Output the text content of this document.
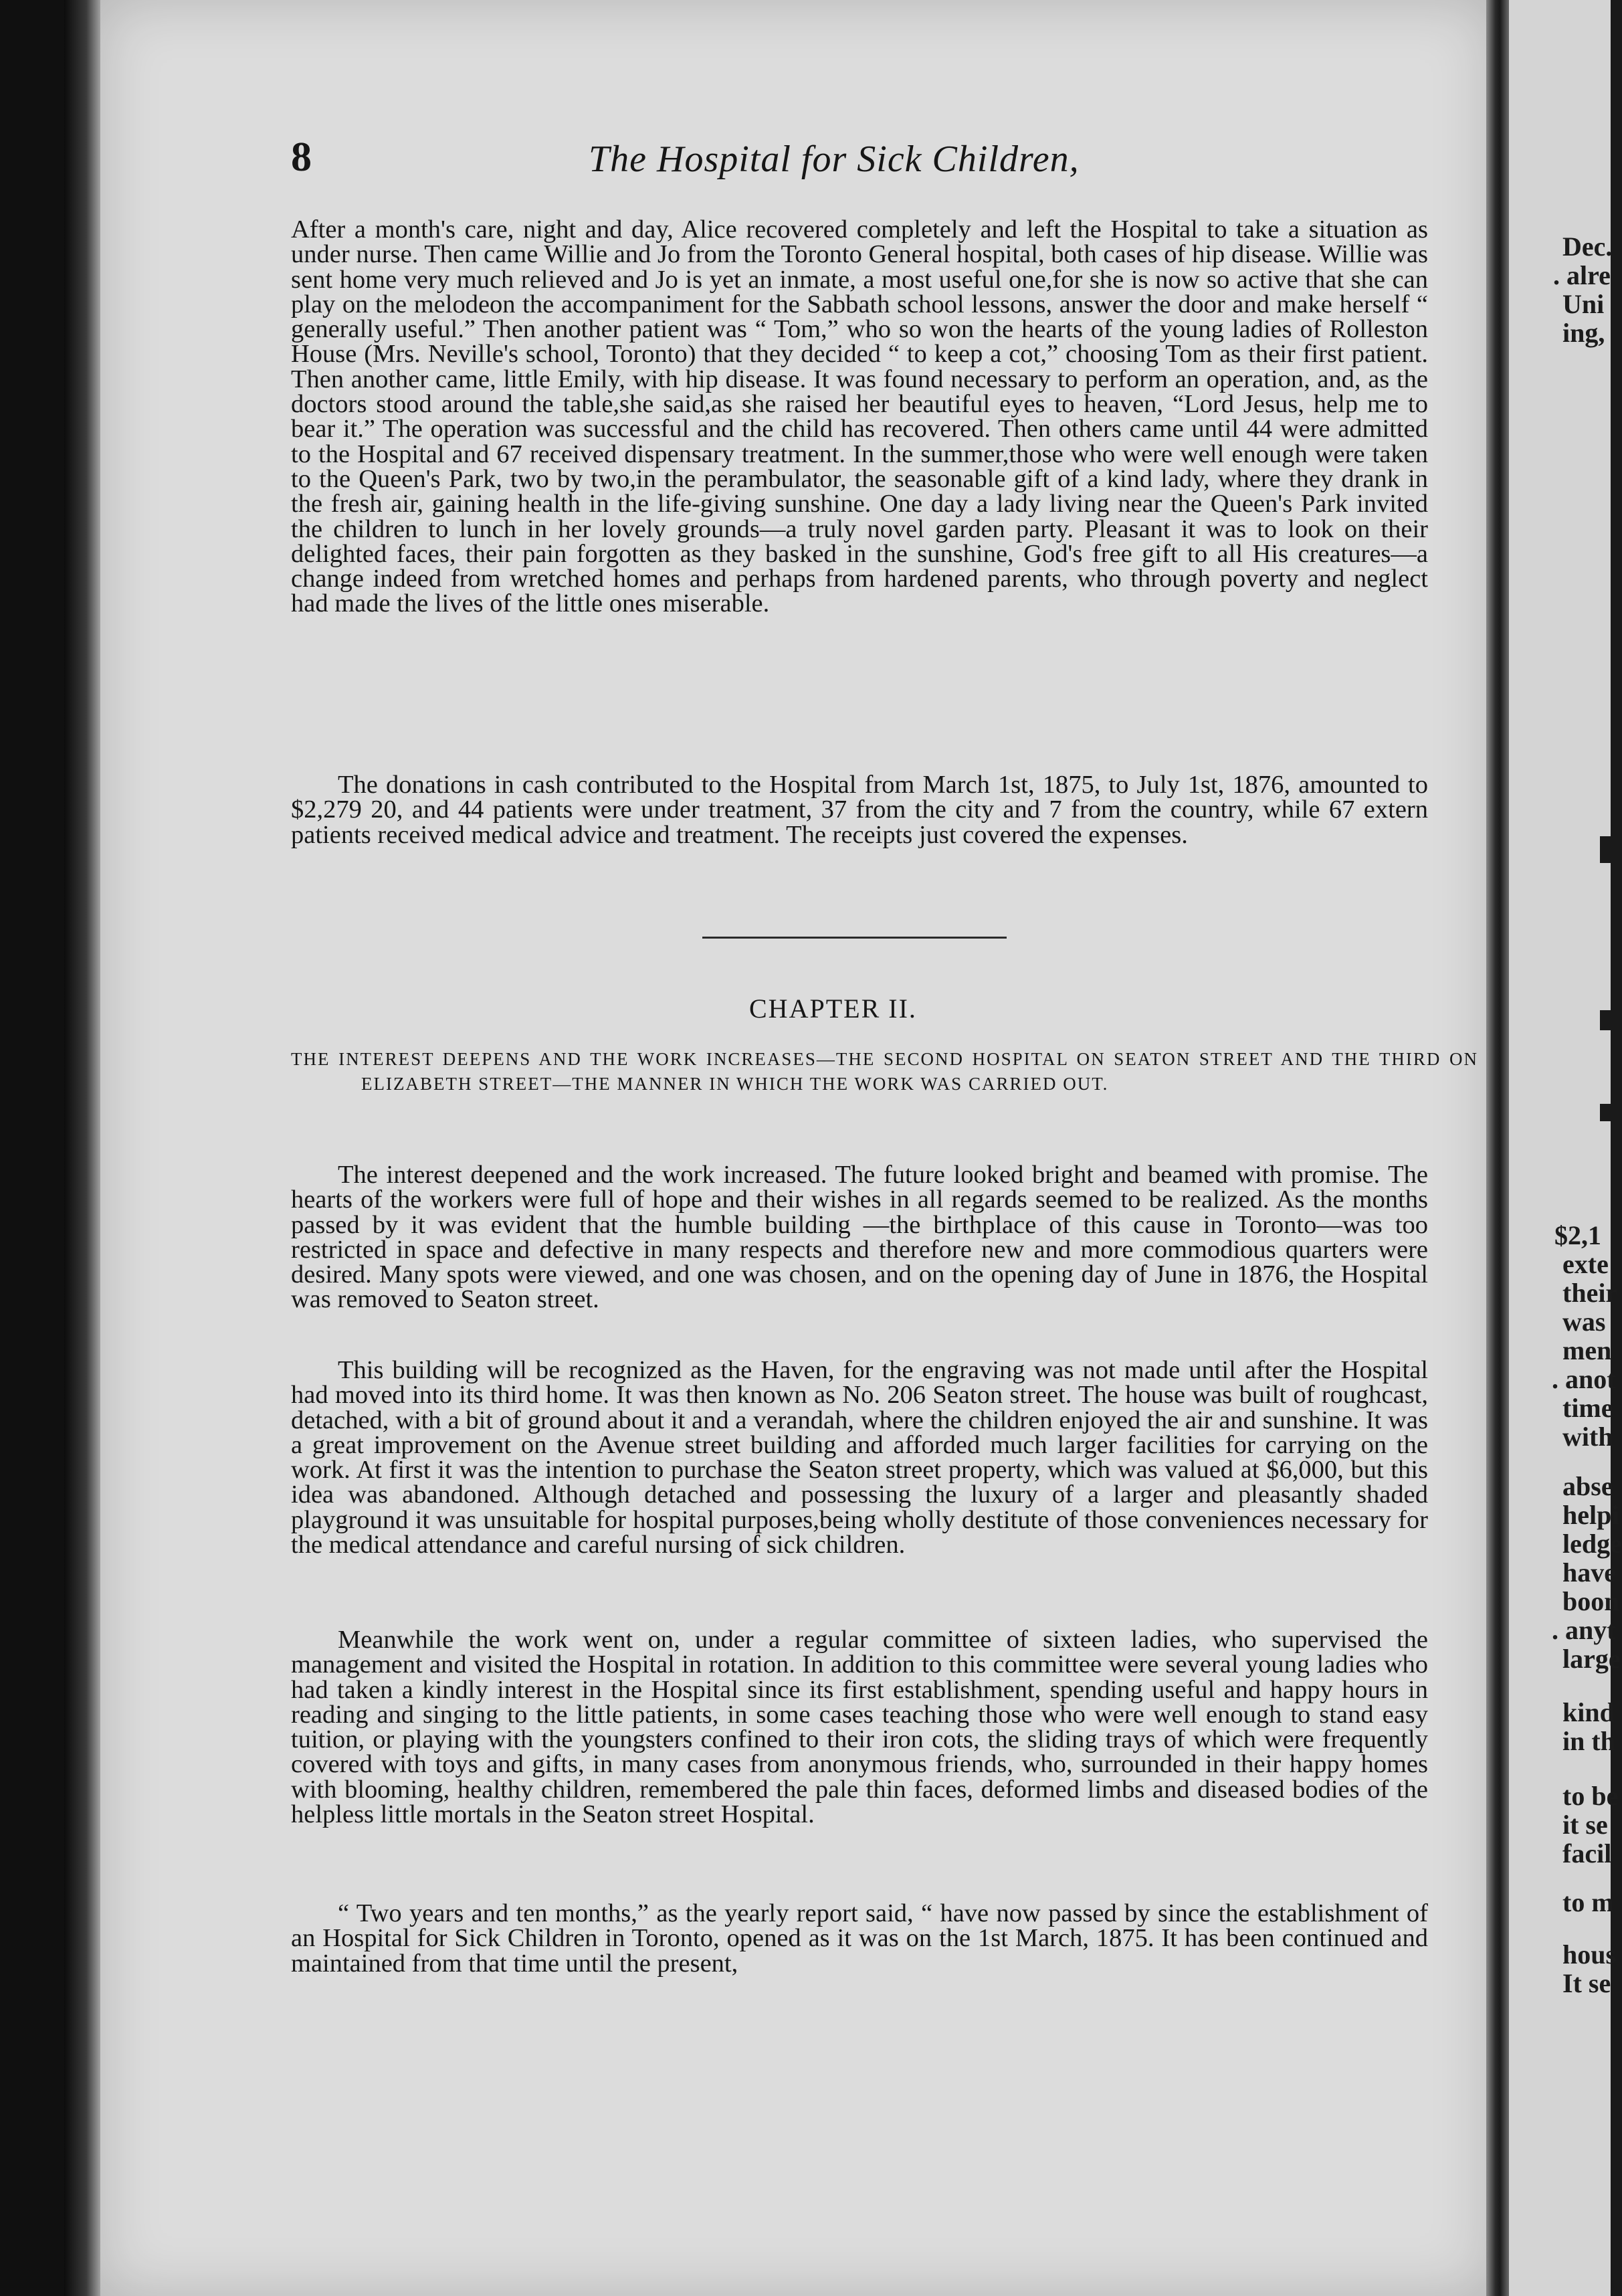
8	The Hospital for Sick Children,

After a month's care, night and day, Alice recovered completely and left the Hospital to take a situation as under nurse. Then came Willie and Jo from the Toronto General hospital, both cases of hip disease. Willie was sent home very much relieved and Jo is yet an inmate, a most useful one,for she is now so active that she can play on the melodeon the accompaniment for the Sabbath school lessons, answer the door and make herself “ generally useful.” Then another patient was “ Tom,” who so won the hearts of the young ladies of Rolleston House (Mrs. Neville's school, Toronto) that they decided “ to keep a cot,” choosing Tom as their first patient. Then another came, little Emily, with hip disease. It was found necessary to perform an operation, and, as the doctors stood around the table,she said,as she raised her beautiful eyes to heaven, “Lord Jesus, help me to bear it.” The operation was successful and the child has recovered. Then others came until 44 were admitted to the Hospital and 67 received dispensary treatment. In the summer,those who were well enough were taken to the Queen's Park, two by two,in the perambulator, the seasonable gift of a kind lady, where they drank in the fresh air, gaining health in the life-giving sunshine. One day a lady living near the Queen's Park invited the children to lunch in her lovely grounds—a truly novel garden party. Pleasant it was to look on their delighted faces, their pain forgotten as they basked in the sunshine, God's free gift to all His creatures—a change indeed from wretched homes and perhaps from hardened parents, who through poverty and neglect had made the lives of the little ones miserable.

The donations in cash contributed to the Hospital from March 1st, 1875, to July 1st, 1876, amounted to $2,279 20, and 44 patients were under treatment, 37 from the city and 7 from the country, while 67 extern patients received medical advice and treatment. The receipts just covered the expenses.

CHAPTER II.
THE INTEREST DEEPENS AND THE WORK INCREASES—THE SECOND HOSPITAL ON SEATON STREET AND THE THIRD ON ELIZABETH STREET—THE MANNER IN WHICH THE WORK WAS CARRIED OUT.

The interest deepened and the work increased. The future looked bright and beamed with promise. The hearts of the workers were full of hope and their wishes in all regards seemed to be realized. As the months passed by it was evident that the humble building —the birthplace of this cause in Toronto—was too restricted in space and defective in many respects and therefore new and more commodious quarters were desired. Many spots were viewed, and one was chosen, and on the opening day of June in 1876, the Hospital was removed to Seaton street.

This building will be recognized as the Haven, for the engraving was not made until after the Hospital had moved into its third home. It was then known as No. 206 Seaton street. The house was built of roughcast, detached, with a bit of ground about it and a verandah, where the children enjoyed the air and sunshine. It was a great improvement on the Avenue street building and afforded much larger facilities for carrying on the work. At first it was the intention to purchase the Seaton street property, which was valued at $6,000, but this idea was abandoned. Although detached and possessing the luxury of a larger and pleasantly shaded playground it was unsuitable for hospital purposes,being wholly destitute of those conveniences necessary for the medical attendance and careful nursing of sick children.

Meanwhile the work went on, under a regular committee of sixteen ladies, who supervised the management and visited the Hospital in rotation. In addition to this committee were several young ladies who had taken a kindly interest in the Hospital since its first establishment, spending useful and happy hours in reading and singing to the little patients, in some cases teaching those who were well enough to stand easy tuition, or playing with the youngsters confined to their iron cots, the sliding trays of which were frequently covered with toys and gifts, in many cases from anonymous friends, who, surrounded in their happy homes with blooming, healthy children, remembered the pale thin faces, deformed limbs and diseased bodies of the helpless little mortals in the Seaton street Hospital.

“ Two years and ten months,” as the yearly report said, “ have now passed by since the establishment of an Hospital for Sick Children in Toronto, opened as it was on the 1st March, 1875. It has been continued and maintained from that time until the present,

Dec.
. alre
Uni
ing,
$2,1
exte
their
was
men
. anot
time
with
abse
helpi
ledge
have
boon
. anyt
large
kind
in th
to be
it se
facil
to m
hous
It se
